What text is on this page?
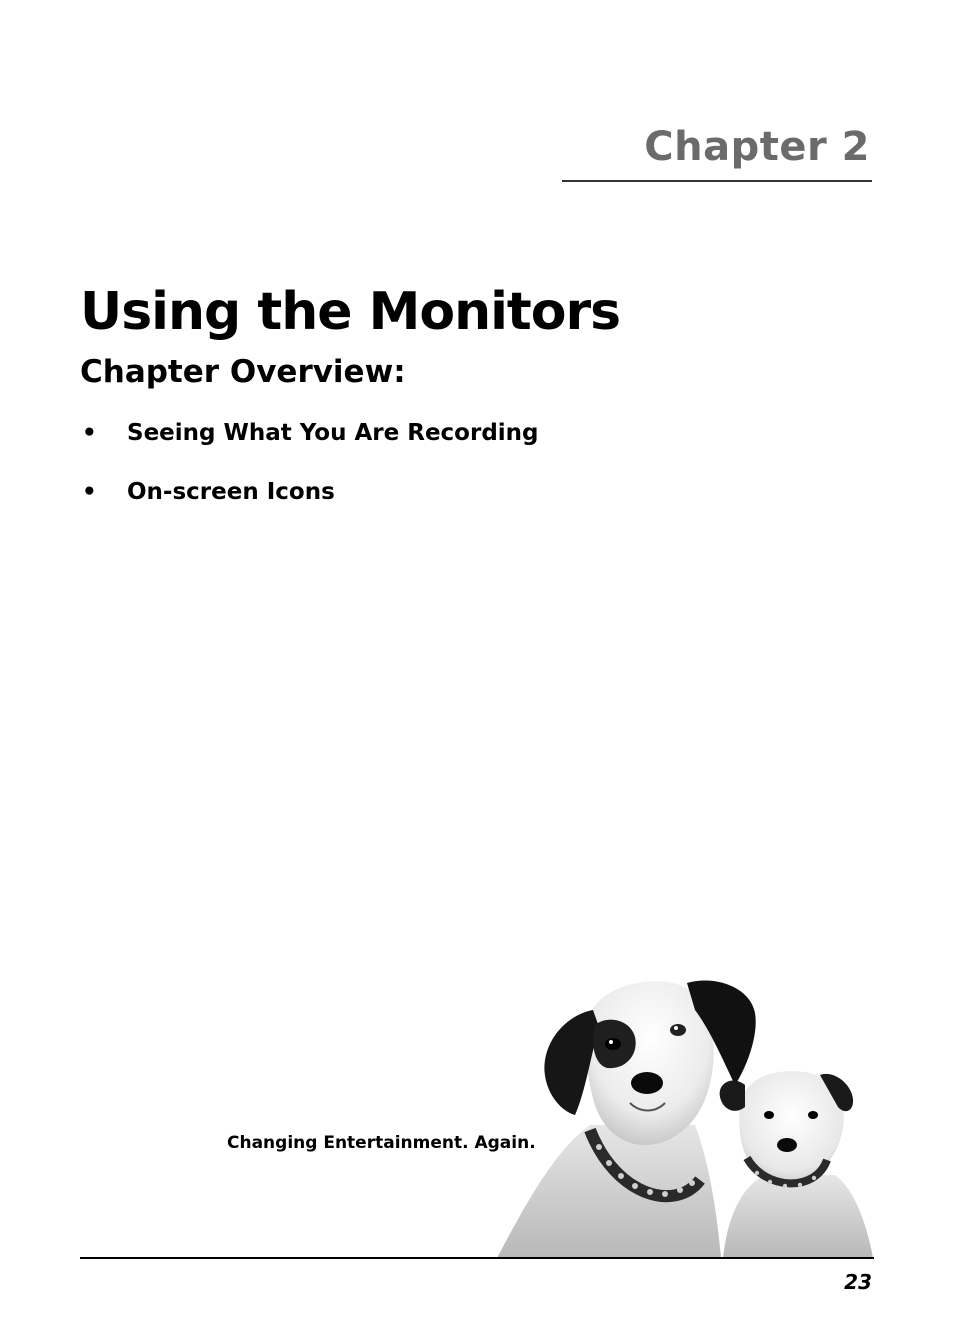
Chapter 2
Using the Monitors
Chapter Overview:
• Seeing What You Are Recording
• On-screen Icons
Changing Entertainment. Again.
23
